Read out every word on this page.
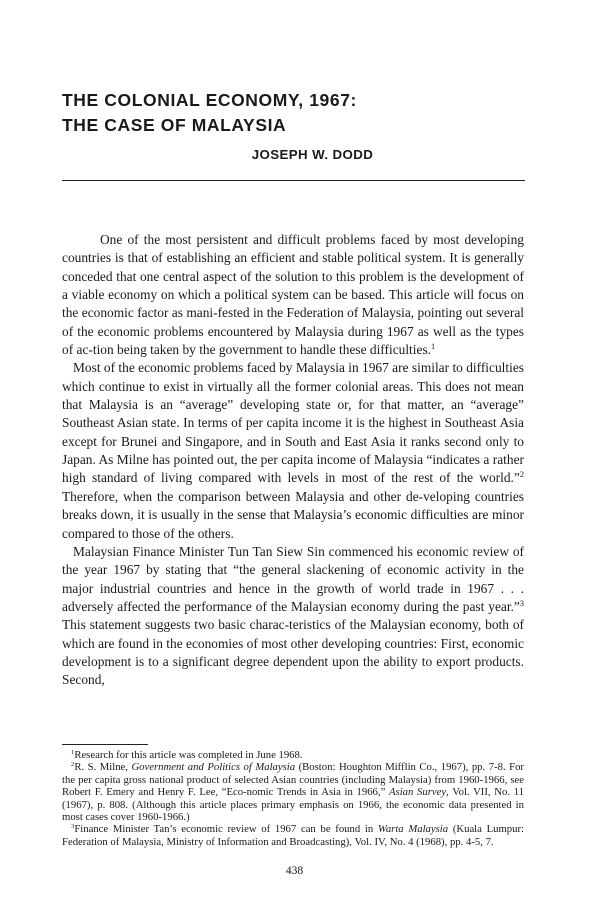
THE COLONIAL ECONOMY, 1967:
THE CASE OF MALAYSIA
JOSEPH W. DODD

One of the most persistent and difficult problems faced by most developing countries is that of establishing an efficient and stable political system. It is generally conceded that one central aspect of the solution to this problem is the development of a viable economy on which a political system can be based. This article will focus on the economic factor as mani-fested in the Federation of Malaysia, pointing out several of the economic problems encountered by Malaysia during 1967 as well as the types of ac-tion being taken by the government to handle these difficulties.$^1$

Most of the economic problems faced by Malaysia in 1967 are similar to difficulties which continue to exist in virtually all the former colonial areas. This does not mean that Malaysia is an “average” developing state or, for that matter, an “average” Southeast Asian state. In terms of per capita income it is the highest in Southeast Asia except for Brunei and Singapore, and in South and East Asia it ranks second only to Japan. As Milne has pointed out, the per capita income of Malaysia “indicates a rather high standard of living compared with levels in most of the rest of the world.”$^2$ Therefore, when the comparison between Malaysia and other de-veloping countries breaks down, it is usually in the sense that Malaysia’s economic difficulties are minor compared to those of the others.

Malaysian Finance Minister Tun Tan Siew Sin commenced his economic review of the year 1967 by stating that “the general slackening of economic activity in the major industrial countries and hence in the growth of world trade in 1967 . . . adversely affected the performance of the Malaysian economy during the past year.”$^3$ This statement suggests two basic charac-teristics of the Malaysian economy, both of which are found in the economies of most other developing countries: First, economic development is to a significant degree dependent upon the ability to export products. Second,

$^1$Research for this article was completed in June 1968.

$^2$R. S. Milne, Government and Politics of Malaysia (Boston: Houghton Mifflin Co., 1967), pp. 7-8. For the per capita gross national product of selected Asian countries (including Malaysia) from 1960-1966, see Robert F. Emery and Henry F. Lee, “Eco-nomic Trends in Asia in 1966,” Asian Survey, Vol. VII, No. 11 (1967), p. 808. (Although this article places primary emphasis on 1966, the economic data presented in most cases cover 1960-1966.)

$^3$Finance Minister Tan’s economic review of 1967 can be found in Warta Malaysia (Kuala Lumpur: Federation of Malaysia, Ministry of Information and Broadcasting), Vol. IV, No. 4 (1968), pp. 4-5, 7.

438
